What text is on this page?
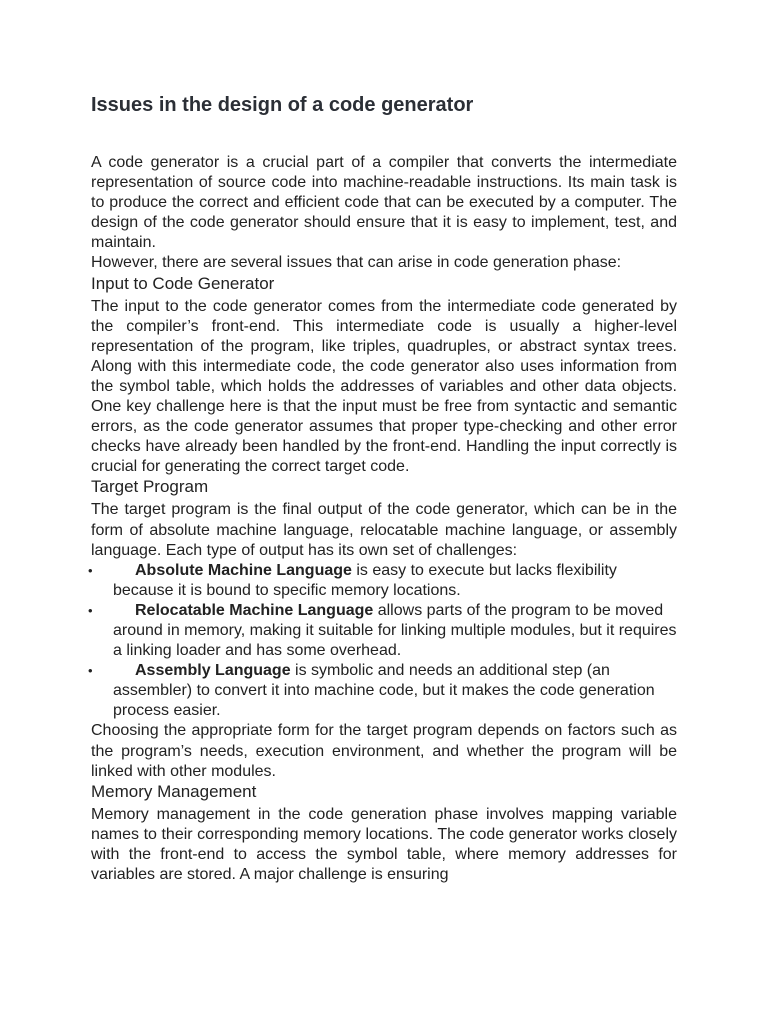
Issues in the design of a code generator

A code generator is a crucial part of a compiler that converts the intermediate representation of source code into machine-readable instructions. Its main task is to produce the correct and efficient code that can be executed by a computer. The design of the code generator should ensure that it is easy to implement, test, and maintain.

However, there are several issues that can arise in code generation phase:

Input to Code Generator

The input to the code generator comes from the intermediate code generated by the compiler’s front-end. This intermediate code is usually a higher-level representation of the program, like triples, quadruples, or abstract syntax trees. Along with this intermediate code, the code generator also uses information from the symbol table, which holds the addresses of variables and other data objects. One key challenge here is that the input must be free from syntactic and semantic errors, as the code generator assumes that proper type-checking and other error checks have already been handled by the front-end. Handling the input correctly is crucial for generating the correct target code.

Target Program

The target program is the final output of the code generator, which can be in the form of absolute machine language, relocatable machine language, or assembly language. Each type of output has its own set of challenges:

•	Absolute Machine Language is easy to execute but lacks flexibility because it is bound to specific memory locations.
•	Relocatable Machine Language allows parts of the program to be moved around in memory, making it suitable for linking multiple modules, but it requires a linking loader and has some overhead.
•	Assembly Language is symbolic and needs an additional step (an assembler) to convert it into machine code, but it makes the code generation process easier.

Choosing the appropriate form for the target program depends on factors such as the program’s needs, execution environment, and whether the program will be linked with other modules.

Memory Management

Memory management in the code generation phase involves mapping variable names to their corresponding memory locations. The code generator works closely with the front-end to access the symbol table, where memory addresses for variables are stored. A major challenge is ensuring
